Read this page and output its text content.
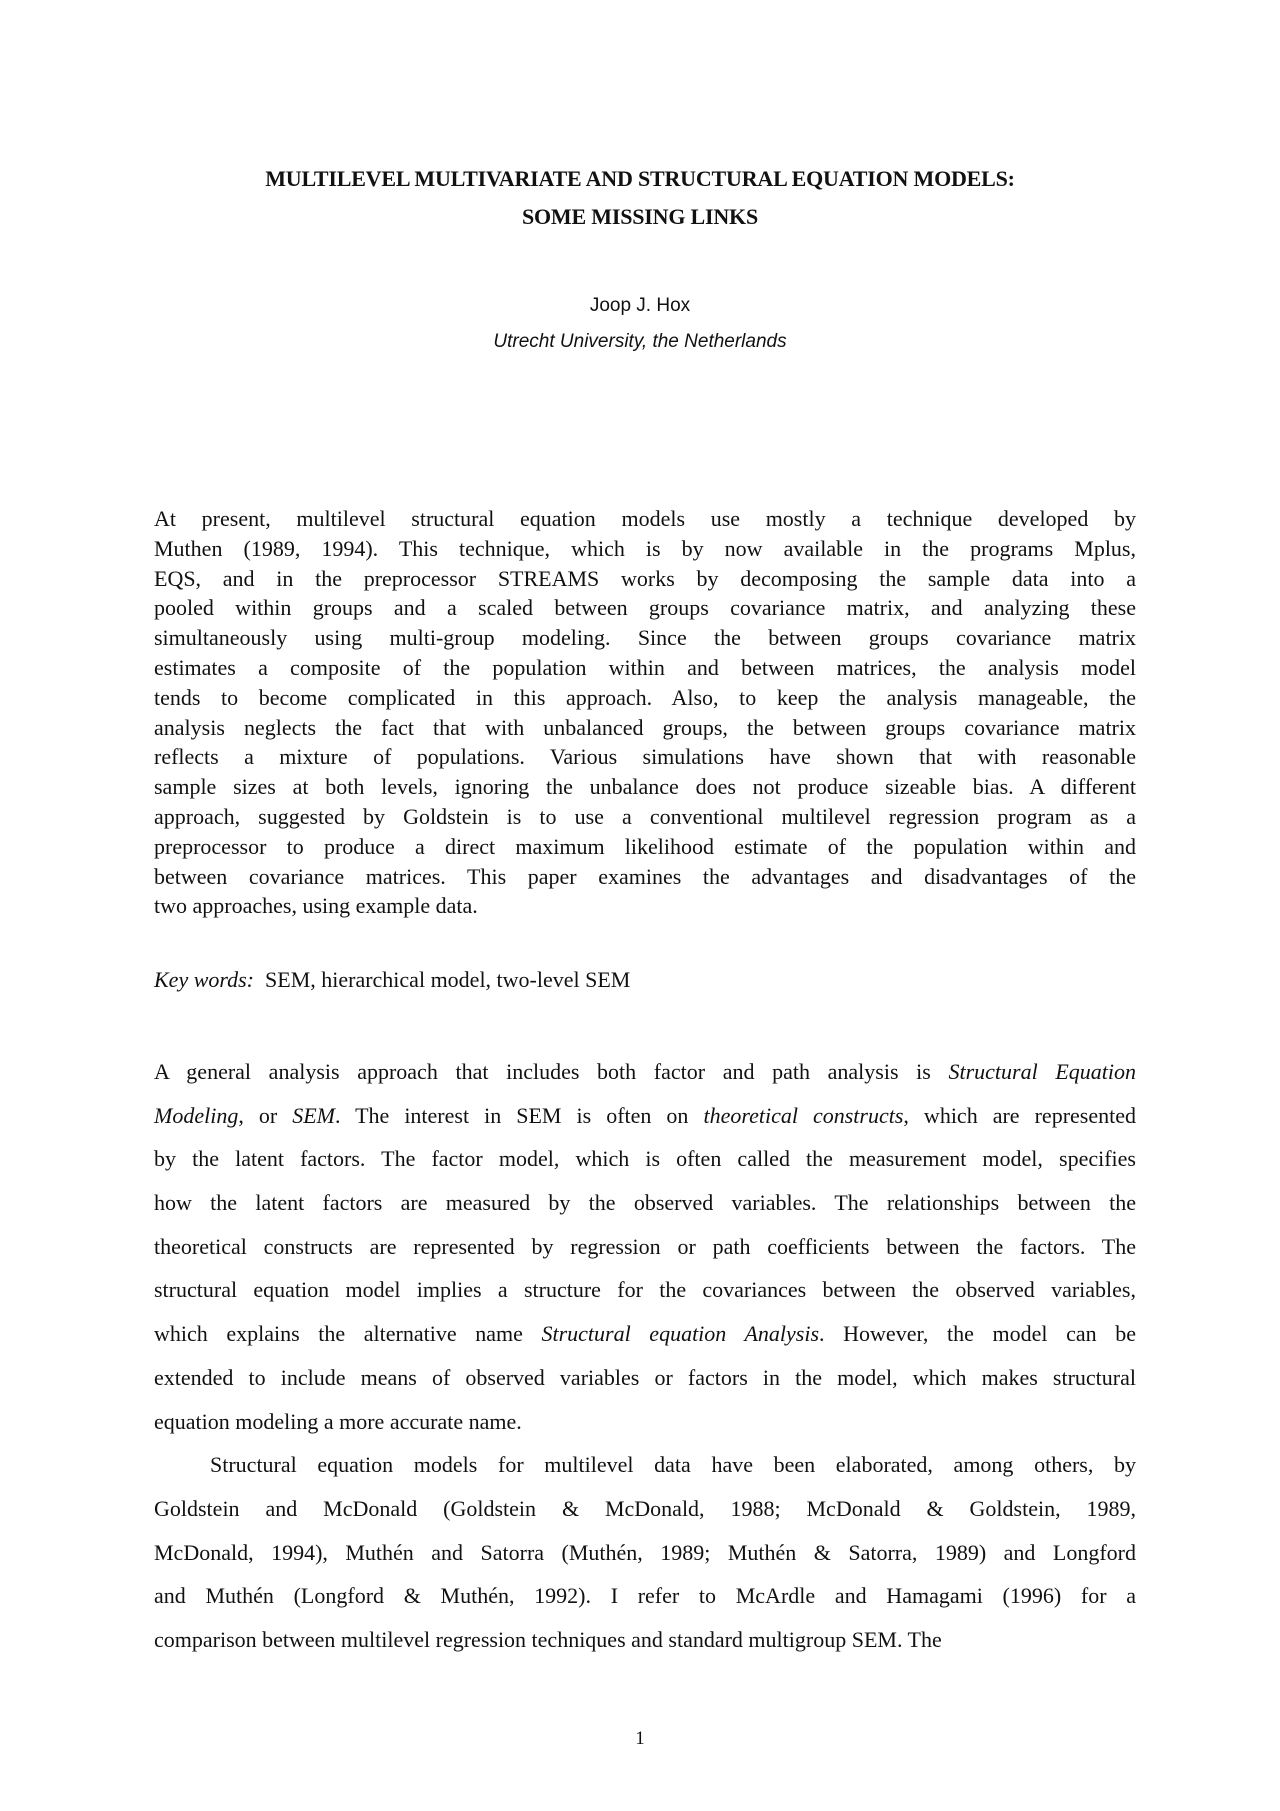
MULTILEVEL MULTIVARIATE AND STRUCTURAL EQUATION MODELS:
SOME MISSING LINKS
Joop J. Hox
Utrecht University, the Netherlands
At present, multilevel structural equation models use mostly a technique developed by
Muthen (1989, 1994). This technique, which is by now available in the programs Mplus,
EQS, and in the preprocessor STREAMS works by decomposing the sample data into a
pooled within groups and a scaled between groups covariance matrix, and analyzing these
simultaneously using multi-group modeling. Since the between groups covariance matrix
estimates a composite of the population within and between matrices, the analysis model
tends to become complicated in this approach. Also, to keep the analysis manageable, the
analysis neglects the fact that with unbalanced groups, the between groups covariance matrix
reflects a mixture of populations. Various simulations have shown that with reasonable
sample sizes at both levels, ignoring the unbalance does not produce sizeable bias. A different
approach, suggested by Goldstein is to use a conventional multilevel regression program as a
preprocessor to produce a direct maximum likelihood estimate of the population within and
between covariance matrices. This paper examines the advantages and disadvantages of the
two approaches, using example data.
Key words: SEM, hierarchical model, two-level SEM
A general analysis approach that includes both factor and path analysis is Structural Equation
Modeling, or SEM. The interest in SEM is often on theoretical constructs, which are represented
by the latent factors. The factor model, which is often called the measurement model, specifies
how the latent factors are measured by the observed variables. The relationships between the
theoretical constructs are represented by regression or path coefficients between the factors. The
structural equation model implies a structure for the covariances between the observed variables,
which explains the alternative name Structural equation Analysis. However, the model can be
extended to include means of observed variables or factors in the model, which makes structural
equation modeling a more accurate name.
Structural equation models for multilevel data have been elaborated, among others, by
Goldstein and McDonald (Goldstein & McDonald, 1988; McDonald & Goldstein, 1989,
McDonald, 1994), Muthén and Satorra (Muthén, 1989; Muthén & Satorra, 1989) and Longford
and Muthén (Longford & Muthén, 1992). I refer to McArdle and Hamagami (1996) for a
comparison between multilevel regression techniques and standard multigroup SEM. The
1
